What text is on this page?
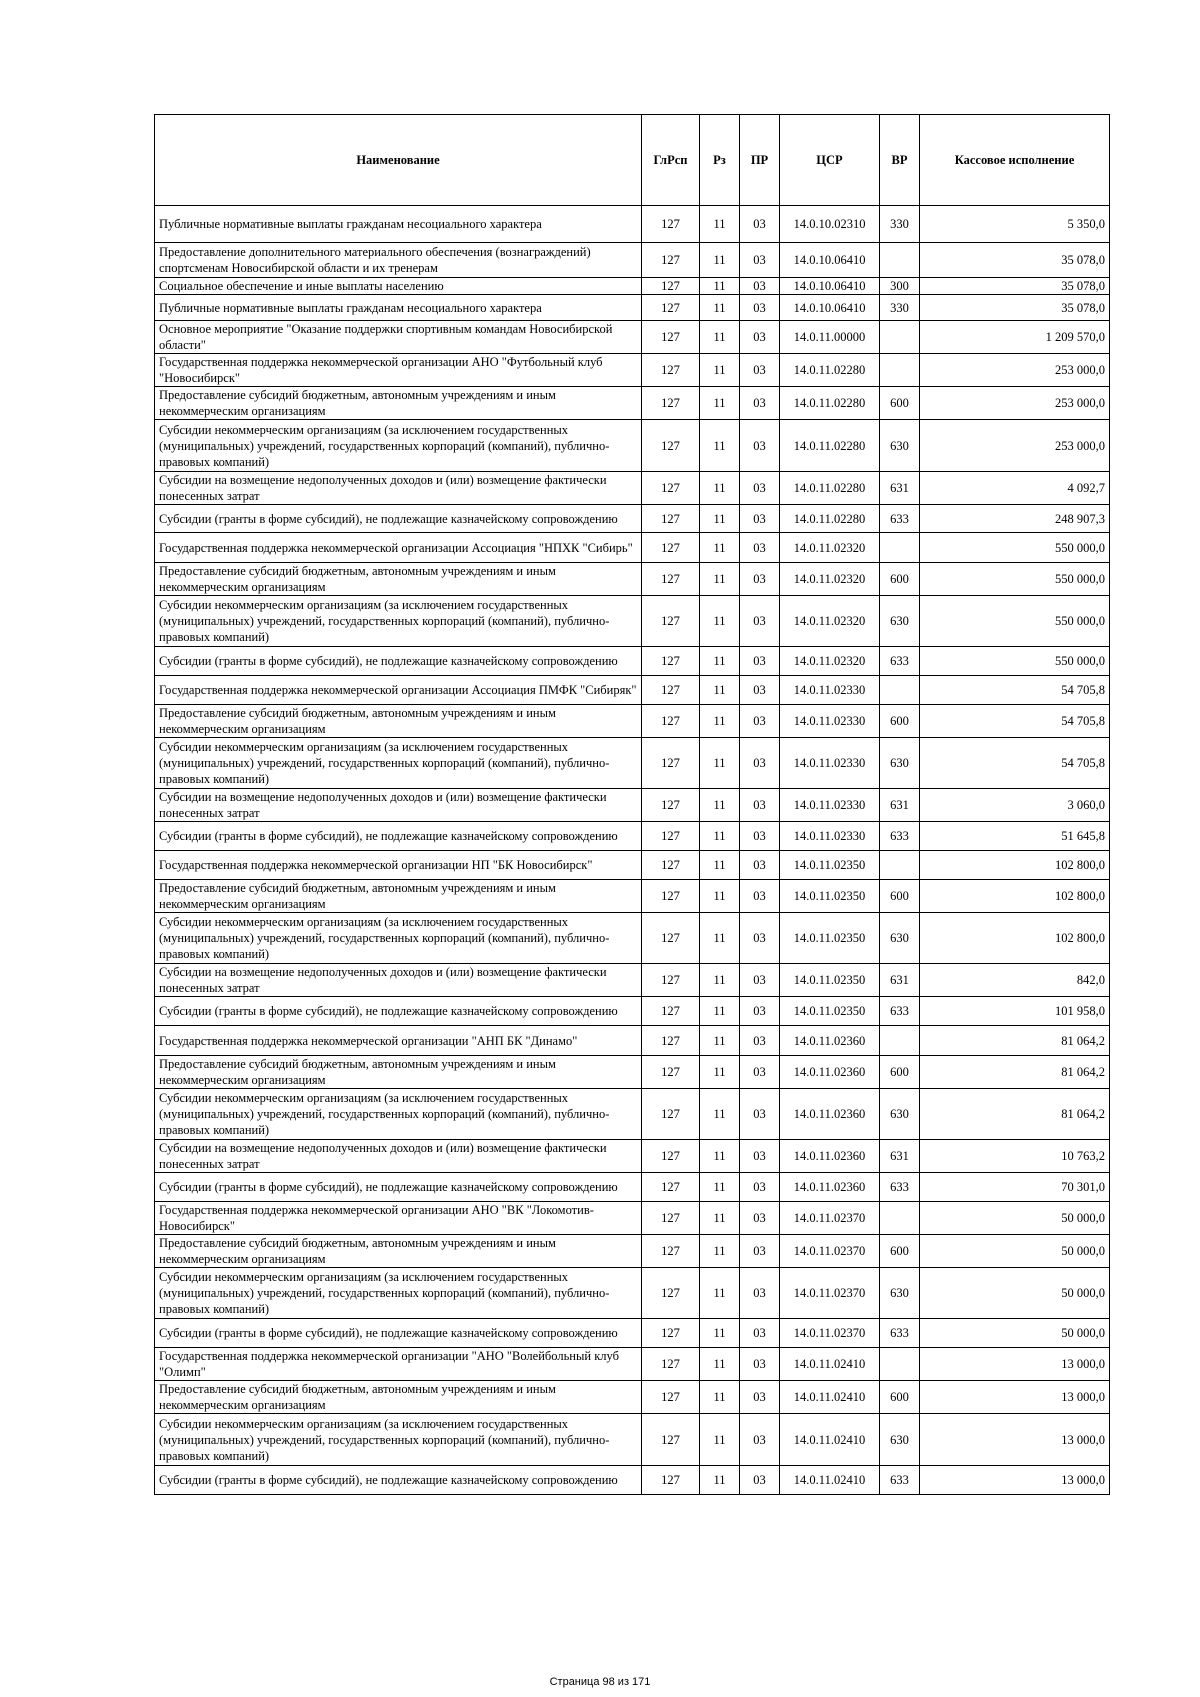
Наименование	ГлРсп	Рз	ПР	ЦСР	ВР	Кассовое исполнение
Публичные нормативные выплаты гражданам несоциального характера	127	11	03	14.0.10.02310	330	5 350,0
Предоставление дополнительного материального обеспечения (вознаграждений) спортсменам Новосибирской области и их тренерам	127	11	03	14.0.10.06410		35 078,0
Социальное обеспечение и иные выплаты населению	127	11	03	14.0.10.06410	300	35 078,0
Публичные нормативные выплаты гражданам несоциального характера	127	11	03	14.0.10.06410	330	35 078,0
Основное мероприятие "Оказание поддержки спортивным командам Новосибирской области"	127	11	03	14.0.11.00000		1 209 570,0
Государственная поддержка некоммерческой организации АНО "Футбольный клуб "Новосибирск"	127	11	03	14.0.11.02280		253 000,0
Предоставление субсидий бюджетным, автономным учреждениям и иным некоммерческим организациям	127	11	03	14.0.11.02280	600	253 000,0
Субсидии некоммерческим организациям (за исключением государственных (муниципальных) учреждений, государственных корпораций (компаний), публично-правовых компаний)	127	11	03	14.0.11.02280	630	253 000,0
Субсидии на возмещение недополученных доходов и (или) возмещение фактически понесенных затрат	127	11	03	14.0.11.02280	631	4 092,7
Субсидии (гранты в форме субсидий), не подлежащие казначейскому сопровождению	127	11	03	14.0.11.02280	633	248 907,3
Государственная поддержка некоммерческой организации Ассоциация "НПХК "Сибирь"	127	11	03	14.0.11.02320		550 000,0
Предоставление субсидий бюджетным, автономным учреждениям и иным некоммерческим организациям	127	11	03	14.0.11.02320	600	550 000,0
Субсидии некоммерческим организациям (за исключением государственных (муниципальных) учреждений, государственных корпораций (компаний), публично-правовых компаний)	127	11	03	14.0.11.02320	630	550 000,0
Субсидии (гранты в форме субсидий), не подлежащие казначейскому сопровождению	127	11	03	14.0.11.02320	633	550 000,0
Государственная поддержка некоммерческой организации Ассоциация ПМФК "Сибиряк"	127	11	03	14.0.11.02330		54 705,8
Предоставление субсидий бюджетным, автономным учреждениям и иным некоммерческим организациям	127	11	03	14.0.11.02330	600	54 705,8
Субсидии некоммерческим организациям (за исключением государственных (муниципальных) учреждений, государственных корпораций (компаний), публично-правовых компаний)	127	11	03	14.0.11.02330	630	54 705,8
Субсидии на возмещение недополученных доходов и (или) возмещение фактически понесенных затрат	127	11	03	14.0.11.02330	631	3 060,0
Субсидии (гранты в форме субсидий), не подлежащие казначейскому сопровождению	127	11	03	14.0.11.02330	633	51 645,8
Государственная поддержка некоммерческой организации НП "БК Новосибирск"	127	11	03	14.0.11.02350		102 800,0
Предоставление субсидий бюджетным, автономным учреждениям и иным некоммерческим организациям	127	11	03	14.0.11.02350	600	102 800,0
Субсидии некоммерческим организациям (за исключением государственных (муниципальных) учреждений, государственных корпораций (компаний), публично-правовых компаний)	127	11	03	14.0.11.02350	630	102 800,0
Субсидии на возмещение недополученных доходов и (или) возмещение фактически понесенных затрат	127	11	03	14.0.11.02350	631	842,0
Субсидии (гранты в форме субсидий), не подлежащие казначейскому сопровождению	127	11	03	14.0.11.02350	633	101 958,0
Государственная поддержка некоммерческой организации "АНП БК "Динамо"	127	11	03	14.0.11.02360		81 064,2
Предоставление субсидий бюджетным, автономным учреждениям и иным некоммерческим организациям	127	11	03	14.0.11.02360	600	81 064,2
Субсидии некоммерческим организациям (за исключением государственных (муниципальных) учреждений, государственных корпораций (компаний), публично-правовых компаний)	127	11	03	14.0.11.02360	630	81 064,2
Субсидии на возмещение недополученных доходов и (или) возмещение фактически понесенных затрат	127	11	03	14.0.11.02360	631	10 763,2
Субсидии (гранты в форме субсидий), не подлежащие казначейскому сопровождению	127	11	03	14.0.11.02360	633	70 301,0
Государственная поддержка некоммерческой организации АНО "ВК "Локомотив-Новосибирск"	127	11	03	14.0.11.02370		50 000,0
Предоставление субсидий бюджетным, автономным учреждениям и иным некоммерческим организациям	127	11	03	14.0.11.02370	600	50 000,0
Субсидии некоммерческим организациям (за исключением государственных (муниципальных) учреждений, государственных корпораций (компаний), публично-правовых компаний)	127	11	03	14.0.11.02370	630	50 000,0
Субсидии (гранты в форме субсидий), не подлежащие казначейскому сопровождению	127	11	03	14.0.11.02370	633	50 000,0
Государственная поддержка некоммерческой организации "АНО "Волейбольный клуб "Олимп"	127	11	03	14.0.11.02410		13 000,0
Предоставление субсидий бюджетным, автономным учреждениям и иным некоммерческим организациям	127	11	03	14.0.11.02410	600	13 000,0
Субсидии некоммерческим организациям (за исключением государственных (муниципальных) учреждений, государственных корпораций (компаний), публично-правовых компаний)	127	11	03	14.0.11.02410	630	13 000,0
Субсидии (гранты в форме субсидий), не подлежащие казначейскому сопровождению	127	11	03	14.0.11.02410	633	13 000,0
Страница 98 из 171
